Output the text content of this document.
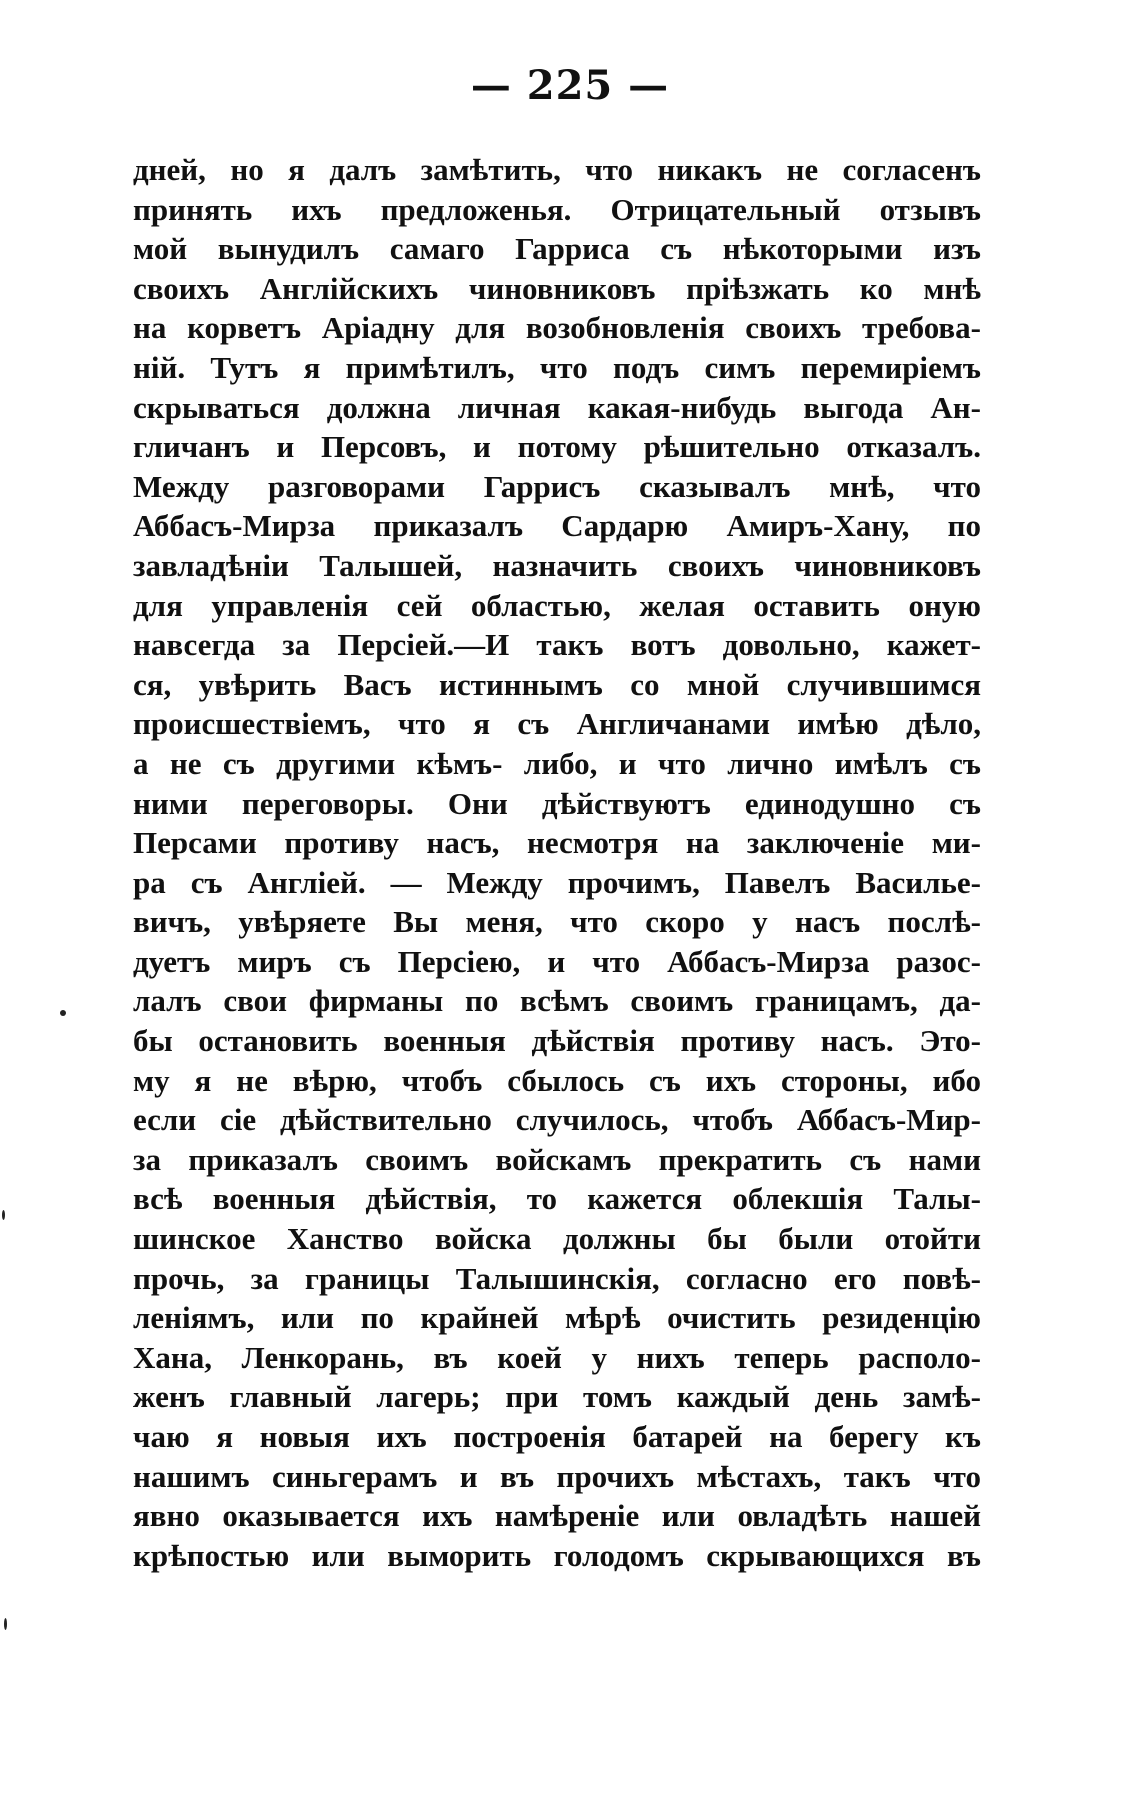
— 225 —
дней, но я далъ замѣтить, что никакъ не согласенъ
принять ихъ предложенья. Отрицательный отзывъ
мой вынудилъ самаго Гарриса съ нѣкоторыми изъ
своихъ Англійскихъ чиновниковъ пріѣзжать ко мнѣ
на корветъ Аріадну для возобновленія своихъ требова-
ній. Тутъ я примѣтилъ, что подъ симъ перемиріемъ
скрываться должна личная какая-нибудь выгода Ан-
гличанъ и Персовъ, и потому рѣшительно отказалъ.
Между разговорами Гаррисъ сказывалъ мнѣ, что
Аббасъ-Мирза приказалъ Сардарю Амиръ-Хану, по
завладѣніи Талышей, назначить своихъ чиновниковъ
для управленія сей областью, желая оставить оную
навсегда за Персіей.—И такъ вотъ довольно, кажет-
ся, увѣрить Васъ истиннымъ со мной случившимся
происшествіемъ, что я съ Англичанами имѣю дѣло,
а не съ другими кѣмъ- либо, и что лично имѣлъ съ
ними переговоры. Они дѣйствуютъ единодушно съ
Персами противу насъ, несмотря на заключеніе ми-
ра съ Англіей. — Между прочимъ, Павелъ Василье-
вичъ, увѣряете Вы меня, что скоро у насъ послѣ-
дуетъ миръ съ Персіею, и что Аббасъ-Мирза разос-
лалъ свои фирманы по всѣмъ своимъ границамъ, да-
бы остановить военныя дѣйствія противу насъ. Это-
му я не вѣрю, чтобъ сбылось съ ихъ стороны, ибо
если сіе дѣйствительно случилось, чтобъ Аббасъ-Мир-
за приказалъ своимъ войскамъ прекратить съ нами
всѣ военныя дѣйствія, то кажется облекшія Талы-
шинское Ханство войска должны бы были отойти
прочь, за границы Талышинскія, согласно его повѣ-
леніямъ, или по крайней мѣрѣ очистить резиденцію
Хана, Ленкорань, въ коей у нихъ теперь располо-
женъ главный лагерь; при томъ каждый день замѣ-
чаю я новыя ихъ построенія батарей на берегу къ
нашимъ синьгерамъ и въ прочихъ мѣстахъ, такъ что
явно оказывается ихъ намѣреніе или овладѣть нашей
крѣпостью или выморить голодомъ скрывающихся въ
